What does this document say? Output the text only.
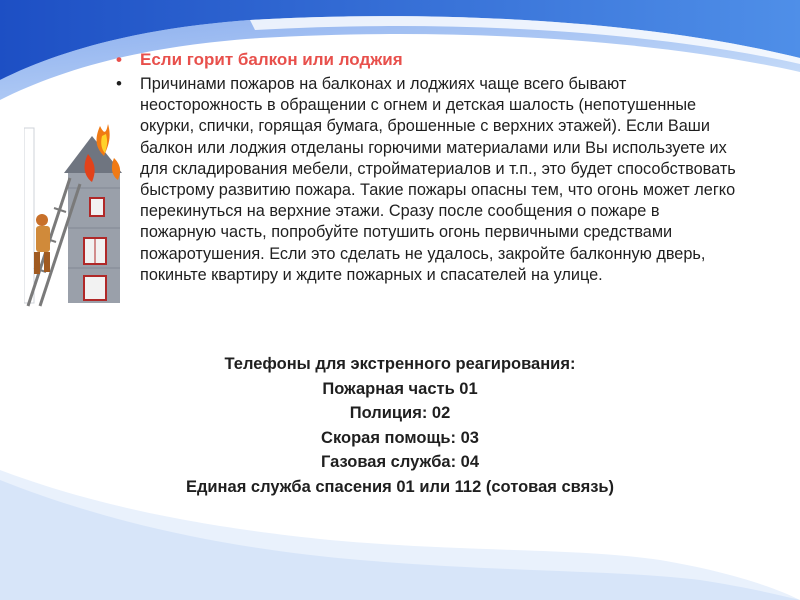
• Если горит балкон или лоджия
• Причинами пожаров на балконах и лоджиях чаще всего бывают неосторожность в обращении с огнем и детская шалость (непотушенные окурки, спички, горящая бумага, брошенные с верхних этажей). Если Ваши балкон или лоджия отделаны горючими материалами или Вы используете их для складирования мебели, стройматериалов и т.п., это будет способствовать быстрому развитию пожара. Такие пожары опасны тем, что огонь может легко перекинуться на верхние этажи. Сразу после сообщения о пожаре в пожарную часть, попробуйте потушить огонь первичными средствами пожаротушения. Если это сделать не удалось, закройте балконную дверь, покиньте квартиру и ждите пожарных и спасателей на улице.
Телефоны для экстренного реагирования:
Пожарная часть 01
Полиция: 02
Скорая помощь: 03
Газовая служба: 04
Единая служба спасения 01 или 112 (сотовая связь)
